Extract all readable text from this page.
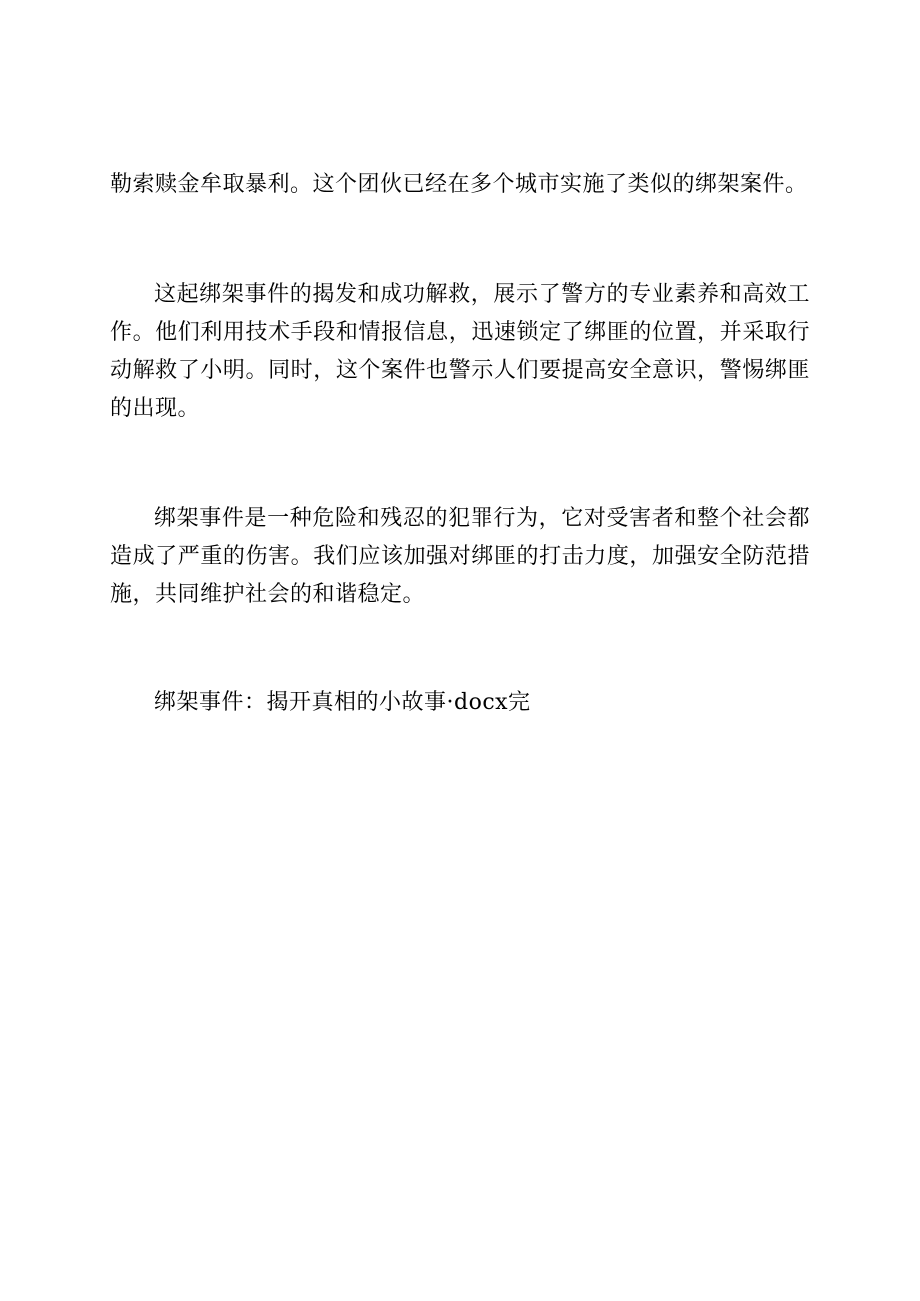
勒索赎金牟取暴利。这个团伙已经在多个城市实施了类似的绑架案件。

这起绑架事件的揭发和成功解救，展示了警方的专业素养和高效工作。他们利用技术手段和情报信息，迅速锁定了绑匪的位置，并采取行动解救了小明。同时，这个案件也警示人们要提高安全意识，警惕绑匪的出现。

绑架事件是一种危险和残忍的犯罪行为，它对受害者和整个社会都造成了严重的伤害。我们应该加强对绑匪的打击力度，加强安全防范措施，共同维护社会的和谐稳定。

绑架事件：揭开真相的小故事·docx完
